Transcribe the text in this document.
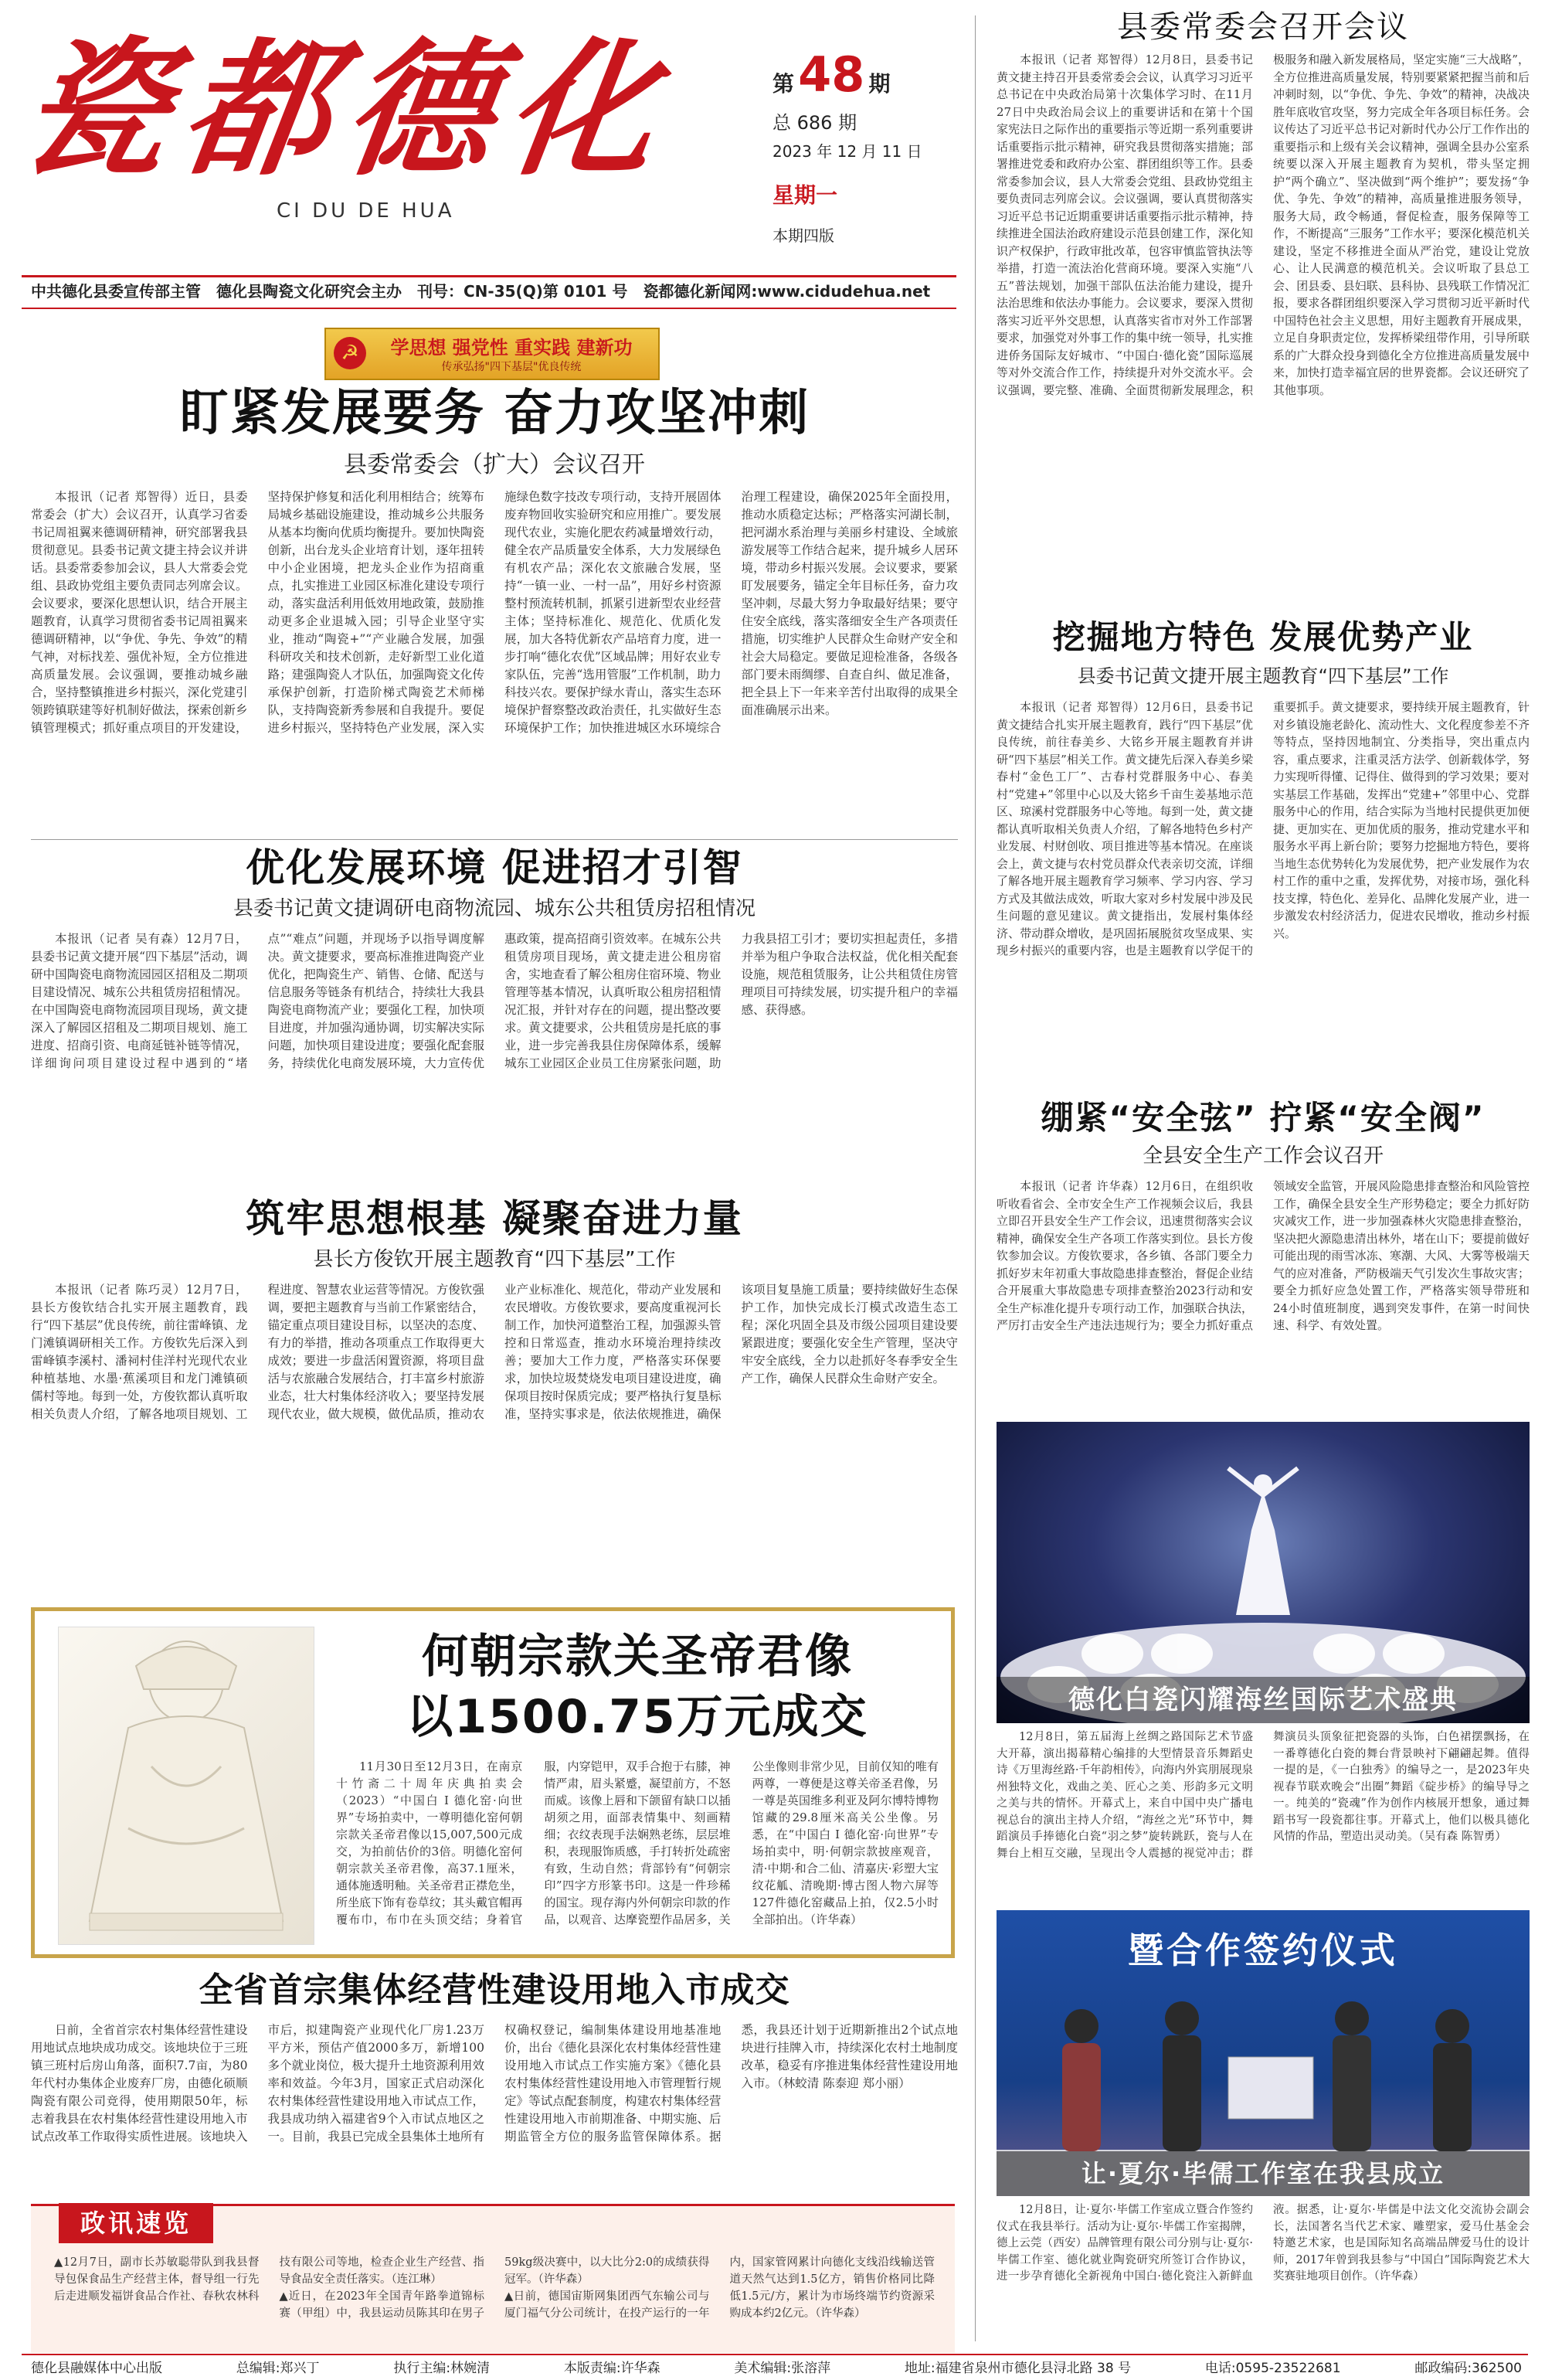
瓷都德化
CI DU DE HUA
第 48 期
总 686 期
2023 年 12 月 11 日
星期一
本期四版
中共德化县委宣传部主管　德化县陶瓷文化研究会主办　刊号：CN-35(Q)第 0101 号　瓷都德化新闻网:www.cidudehua.net
☭	学思想 强党性 重实践 建新功
传承弘扬"四下基层"优良传统
盯紧发展要务 奋力攻坚冲刺
县委常委会（扩大）会议召开
本报讯（记者 郑智得）近日，县委常委会（扩大）会议召开，认真学习省委书记周祖翼来德调研精神，研究部署我县贯彻意见。县委书记黄文捷主持会议并讲话。县委常委参加会议，县人大常委会党组、县政协党组主要负责同志列席会议。会议要求，要深化思想认识，结合开展主题教育，认真学习贯彻省委书记周祖翼来德调研精神，以“争优、争先、争效”的精气神，对标找差、强优补短，全方位推进高质量发展。会议强调，要推动城乡融合，坚持整镇推进乡村振兴，深化党建引领跨镇联建等好机制好做法，探索创新乡镇管理模式；抓好重点项目的开发建设，坚持保护修复和活化利用相结合；统筹布局城乡基础设施建设，推动城乡公共服务从基本均衡向优质均衡提升。要加快陶瓷创新，出台龙头企业培育计划，逐年扭转中小企业困境，把龙头企业作为招商重点，扎实推进工业园区标准化建设专项行动，落实盘活利用低效用地政策，鼓励推动更多企业退城入园；引导企业坚守实业，推动“陶瓷+”“产业融合发展，加强科研攻关和技术创新，走好新型工业化道路；建强陶瓷人才队伍，加强陶瓷文化传承保护创新，打造阶梯式陶瓷艺术师梯队，支持陶瓷新秀参展和自我提升。要促进乡村振兴，坚持特色产业发展，深入实施绿色数字技改专项行动，支持开展固体废弃物回收实验研究和应用推广。要发展现代农业，实施化肥农药减量增效行动，健全农产品质量安全体系，大力发展绿色有机农产品；深化农文旅融合发展，坚持“一镇一业、一村一品”，用好乡村资源整村预流转机制，抓紧引进新型农业经营主体；坚持标准化、规范化、优质化发展，加大各特优新农产品培育力度，进一步打响“德化农优”区域品牌；用好农业专家队伍，完善“选用管服”工作机制，助力科技兴农。要保护绿水青山，落实生态环境保护督察整改政治责任，扎实做好生态环境保护工作；加快推进城区水环境综合治理工程建设，确保2025年全面投用，推动水质稳定达标；严格落实河湖长制，把河湖水系治理与美丽乡村建设、全域旅游发展等工作结合起来，提升城乡人居环境，带动乡村振兴发展。会议要求，要紧盯发展要务，锚定全年目标任务，奋力攻坚冲刺，尽最大努力争取最好结果；要守住安全底线，落实落细安全生产各项责任措施，切实维护人民群众生命财产安全和社会大局稳定。要做足迎检准备，各级各部门要未雨绸缪、自查自纠、做足准备，把全县上下一年来辛苦付出取得的成果全面准确展示出来。
优化发展环境 促进招才引智
县委书记黄文捷调研电商物流园、城东公共租赁房招租情况
本报讯（记者 吴有森）12月7日，县委书记黄文捷开展“四下基层”活动，调研中国陶瓷电商物流园园区招租及二期项目建设情况、城东公共租赁房招租情况。在中国陶瓷电商物流园项目现场，黄文捷深入了解园区招租及二期项目规划、施工进度、招商引资、电商延链补链等情况，详细询问项目建设过程中遇到的“堵点”“难点”问题，并现场予以指导调度解决。黄文捷要求，要高标准推进陶瓷产业优化，把陶瓷生产、销售、仓储、配送与信息服务等链条有机结合，持续壮大我县陶瓷电商物流产业；要强化工程，加快项目进度，并加强沟通协调，切实解决实际问题，加快项目建设进度；要强化配套服务，持续优化电商发展环境，大力宣传优惠政策，提高招商引资效率。在城东公共租赁房项目现场，黄文捷走进公租房宿舍，实地查看了解公租房住宿环境、物业管理等基本情况，认真听取公租房招租情况汇报，并针对存在的问题，提出整改要求。黄文捷要求，公共租赁房是托底的事业，进一步完善我县住房保障体系，缓解城东工业园区企业员工住房紧张问题，助力我县招工引才；要切实担起责任，多措并举为租户争取合法权益，优化相关配套设施，规范租赁服务，让公共租赁住房管理项目可持续发展，切实提升租户的幸福感、获得感。
筑牢思想根基 凝聚奋进力量
县长方俊钦开展主题教育“四下基层”工作
本报讯（记者 陈巧灵）12月7日，县长方俊钦结合扎实开展主题教育，践行“四下基层”优良传统，前往雷峰镇、龙门滩镇调研相关工作。方俊钦先后深入到雷峰镇李溪村、潘祠村佳洋村光现代农业种植基地、水墨·蕉溪项目和龙门滩镇硕儒村等地。每到一处，方俊钦都认真听取相关负责人介绍，了解各地项目规划、工程进度、智慧农业运营等情况。方俊钦强调，要把主题教育与当前工作紧密结合，锚定重点项目建设目标，以坚决的态度、有力的举措，推动各项重点工作取得更大成效；要进一步盘活闲置资源，将项目盘活与农旅融合发展结合，打丰富乡村旅游业态，壮大村集体经济收入；要坚持发展现代农业，做大规模，做优品质，推动农业产业标准化、规范化，带动产业发展和农民增收。方俊钦要求，要高度重视河长制工作，加快河道整治工程，加强源头管控和日常巡查，推动水环境治理持续改善；要加大工作力度，严格落实环保要求，加快垃圾焚烧发电项目建设进度，确保项目按时保质完成；要严格执行复垦标准，坚持实事求是，依法依规推进，确保该项目复垦施工质量；要持续做好生态保护工作，加快完成长汀模式改造生态工程；深化巩固全县及市级公园项目建设要紧跟进度；要强化安全生产管理，坚决守牢安全底线，全力以赴抓好冬春季安全生产工作，确保人民群众生命财产安全。
何朝宗款关圣帝君像
以1500.75万元成交
11月30日至12月3日，在南京十竹斋二十周年庆典拍卖会（2023）“中国白 I 德化窑·向世界”专场拍卖中，一尊明德化窑何朝宗款关圣帝君像以15,007,500元成交，为拍前估价的3倍。明德化窑何朝宗款关圣帝君像，高37.1厘米，通体施透明釉。关圣帝君正襟危坐，所坐底下饰有卷草纹；其头戴官帽再覆布巾，布巾在头顶交结；身着官服，内穿铠甲，双手合抱于右膝，神情严肃，眉头紧蹙，凝望前方，不怒而威。该像上唇和下颌留有缺口以插胡须之用，面部表情集中、刻画精细；衣纹表现手法娴熟老练，层层堆积，表现服饰质感，手打转折处疏密有致，生动自然；背部钤有“何朝宗印”四字方形篆书印。这是一件珍稀的国宝。现存海内外何朝宗印款的作品，以观音、达摩瓷塑作品居多，关公坐像则非常少见，目前仅知的唯有两尊，一尊便是这尊关帝圣君像，另一尊是英国维多利亚及阿尔博特博物馆藏的29.8厘米高关公坐像。另悉，在“中国白 I 德化窑·向世界”专场拍卖中，明·何朝宗款披座观音，清·中期·和合二仙、清嘉庆·彩塑大宝纹花觚、清晚期·博古图人物六屏等127件德化窑藏品上拍，仅2.5小时全部拍出。（许华森）
全省首宗集体经营性建设用地入市成交
日前，全省首宗农村集体经营性建设用地试点地块成功成交。该地块位于三班镇三班村后房山角落，面积7.7亩，为80年代村办集体企业废弃厂房，由德化硕顺陶瓷有限公司竞得，使用期限50年，标志着我县在农村集体经营性建设用地入市试点改革工作取得实质性进展。该地块入市后，拟建陶瓷产业现代化厂房1.23万平方米，预估产值2000多万，新增100多个就业岗位，极大提升土地资源利用效率和效益。今年3月，国家正式启动深化农村集体经营性建设用地入市试点工作，我县成功纳入福建省9个入市试点地区之一。目前，我县已完成全县集体土地所有权确权登记，编制集体建设用地基准地价，出台《德化县深化农村集体经营性建设用地入市试点工作实施方案》《德化县农村集体经营性建设用地入市管理暂行规定》等试点配套制度，构建农村集体经营性建设用地入市前期准备、中期实施、后期监管全方位的服务监管保障体系。据悉，我县还计划于近期新推出2个试点地块进行挂牌入市，持续深化农村土地制度改革，稳妥有序推进集体经营性建设用地入市。（林蛟清 陈泰迎 郑小丽）
政讯速览
▲12月7日，副市长苏敏聪带队到我县督导包保食品生产经营主体，督导组一行先后走进顺发福饼食品合作社、春秋农林科技有限公司等地，检查企业生产经营、指导食品安全责任落实。（连江琳）
▲近日，在2023年全国青年路拳道锦标赛（甲组）中，我县运动员陈其印在男子59kg级决赛中，以大比分2:0的成绩获得冠军。（许华森）
▲日前，德国宙斯网集团西气东输公司与厦门福气分公司统计，在投产运行的一年内，国家管网累计向德化支线沿线输送管道天然气达到1.5亿方，销售价格同比降低1.5元/方，累计为市场终端节约资源采购成本约2亿元。（许华森）
县委常委会召开会议
本报讯（记者 郑智得）12月8日，县委书记黄文捷主持召开县委常委会会议，认真学习习近平总书记在中央政治局第十次集体学习时、在11月27日中央政治局会议上的重要讲话和在第十个国家宪法日之际作出的重要指示等近期一系列重要讲话重要指示批示精神，研究我县贯彻落实措施；部署推进党委和政府办公室、群团组织等工作。县委常委参加会议，县人大常委会党组、县政协党组主要负责同志列席会议。会议强调，要认真贯彻落实习近平总书记近期重要讲话重要指示批示精神，持续推进全国法治政府建设示范县创建工作，深化知识产权保护，行政审批改革，包容审慎监管执法等举措，打造一流法治化营商环境。要深入实施“八五”普法规划，加强干部队伍法治能力建设，提升法治思维和依法办事能力。会议要求，要深入贯彻落实习近平外交思想，认真落实省市对外工作部署要求，加强党对外事工作的集中统一领导，扎实推进侨务国际友好城市、“中国白·德化瓷”国际巡展等对外交流合作工作，持续提升对外交流水平。会议强调，要完整、准确、全面贯彻新发展理念，积极服务和融入新发展格局，坚定实施“三大战略”，全方位推进高质量发展，特别要紧紧把握当前和后冲刺时刻，以“争优、争先、争效”的精神，决战决胜年底收官攻坚，努力完成全年各项目标任务。会议传达了习近平总书记对新时代办公厅工作作出的重要指示和上级有关会议精神，强调全县办公室系统要以深入开展主题教育为契机，带头坚定拥护“两个确立”、坚决做到“两个维护”；要发扬“争优、争先、争效”的精神，高质量推进服务领导，服务大局，政令畅通，督促检查，服务保障等工作，不断提高“三服务”工作水平；要深化模范机关建设，坚定不移推进全面从严治党，建设让党放心、让人民满意的模范机关。会议听取了县总工会、团县委、县妇联、县科协、县残联工作情况汇报，要求各群团组织要深入学习贯彻习近平新时代中国特色社会主义思想，用好主题教育开展成果，立足自身职责定位，发挥桥梁纽带作用，引导所联系的广大群众投身到德化全方位推进高质量发展中来，加快打造幸福宜居的世界瓷都。会议还研究了其他事项。
挖掘地方特色 发展优势产业
县委书记黄文捷开展主题教育“四下基层”工作
本报讯（记者 郑智得）12月6日，县委书记黄文捷结合扎实开展主题教育，践行“四下基层”优良传统，前往春美乡、大铭乡开展主题教育并讲研“四下基层”相关工作。黄文捷先后深入春美乡梁春村“金色工厂”、古春村党群服务中心、春美村“党建+”邻里中心以及大铭乡千亩生姜基地示范区、琼溪村党群服务中心等地。每到一处，黄文捷都认真听取相关负责人介绍，了解各地特色乡村产业发展、村财创收、项目推进等基本情况。在座谈会上，黄文捷与农村党员群众代表亲切交流，详细了解各地开展主题教育学习频率、学习内容、学习方式及其做法成效，听取大家对乡村发展中涉及民生问题的意见建议。黄文捷指出，发展村集体经济、带动群众增收，是巩固拓展脱贫攻坚成果、实现乡村振兴的重要内容，也是主题教育以学促干的重要抓手。黄文捷要求，要持续开展主题教育，针对乡镇设施老龄化、流动性大、文化程度参差不齐等特点，坚持因地制宜、分类指导，突出重点内容，重点要求，注重灵活方法学、创新载体学，努力实现听得懂、记得住、做得到的学习效果；要对实基层工作基础，发挥出“党建+”邻里中心、党群服务中心的作用，结合实际为当地村民提供更加便捷、更加实在、更加优质的服务，推动党建水平和服务水平再上新台阶；要努力挖掘地方特色，要将当地生态优势转化为发展优势，把产业发展作为农村工作的重中之重，发挥优势，对接市场，强化科技支撑，特色化、差异化、品牌化发展产业，进一步激发农村经济活力，促进农民增收，推动乡村振兴。
绷紧“安全弦” 拧紧“安全阀”
全县安全生产工作会议召开
本报讯（记者 许华森）12月6日，在组织收听收看省会、全市安全生产工作视频会议后，我县立即召开县安全生产工作会议，迅速贯彻落实会议精神，确保安全生产各项工作落实到位。县长方俊钦参加会议。方俊钦要求，各乡镇、各部门要全力抓好岁末年初重大事故隐患排查整治，督促企业结合开展重大事故隐患专项排查整治2023行动和安全生产标准化提升专项行动工作，加强联合执法，严厉打击安全生产违法违规行为；要全力抓好重点领域安全监管，开展风险隐患排查整治和风险管控工作，确保全县安全生产形势稳定；要全力抓好防灾减灾工作，进一步加强森林火灾隐患排查整治，坚决把火源隐患清出林外，堵在山下；要提前做好可能出现的雨雪冰冻、寒潮、大风、大雾等极端天气的应对准备，严防极端天气引发次生事故灾害；要全力抓好应急处置工作，严格落实领导带班和24小时值班制度，遇到突发事件，在第一时间快速、科学、有效处置。
德化白瓷闪耀海丝国际艺术盛典
12月8日，第五届海上丝绸之路国际艺术节盛大开幕，演出揭幕精心编排的大型情景音乐舞蹈史诗《万里海丝路·千年韵相传》，向海内外宾朋展现泉州独特文化，戏曲之美、匠心之美、形韵多元文明之美与共的情怀。开幕式上，来自中国中央广播电视总台的演出主持人介绍，“海丝之光”环节中，舞蹈演员手捧德化白瓷“羽之梦”旋转跳跃，瓷与人在舞台上相互交融，呈现出令人震撼的视觉冲击；群舞演员头顶象征把瓷器的头饰，白色裙摆飘扬，在一番尊德化白瓷的舞台背景映衬下翩翩起舞。值得一提的是，《一白独秀》的编导之一，是2023年央视春节联欢晚会“出圈”舞蹈《碇步桥》的编导导之一。纯美的“瓷魂”作为创作内核展开想象，通过舞蹈书写一段瓷都往事。开幕式上，他们以极具德化风情的作品，塑造出灵动美。（吴有森 陈智勇）
暨合作签约仪式
让·夏尔·毕儒工作室在我县成立
12月8日，让·夏尔·毕儒工作室成立暨合作签约仪式在我县举行。活动为让·夏尔·毕儒工作室揭牌，德上云莞（西安）品牌管理有限公司分别与让·夏尔·毕儒工作室、德化就业陶瓷研究所签订合作协议，进一步孕育德化全新视角中国白·德化瓷注入新鲜血液。据悉，让·夏尔·毕儒是中法文化交流协会副会长，法国著名当代艺术家、雕塑家，爱马仕基金会特邀艺术家，也是国际知名高端品牌爱马仕的设计师，2017年曾到我县参与“中国白”国际陶瓷艺术大奖赛驻地项目创作。（许华森）
德化县融媒体中心出版	总编辑:郑兴丁	执行主编:林婉清	本版责编:许华森	美术编辑:张溶萍	地址:福建省泉州市德化县浔北路 38 号	电话:0595-23522681	邮政编码:362500
